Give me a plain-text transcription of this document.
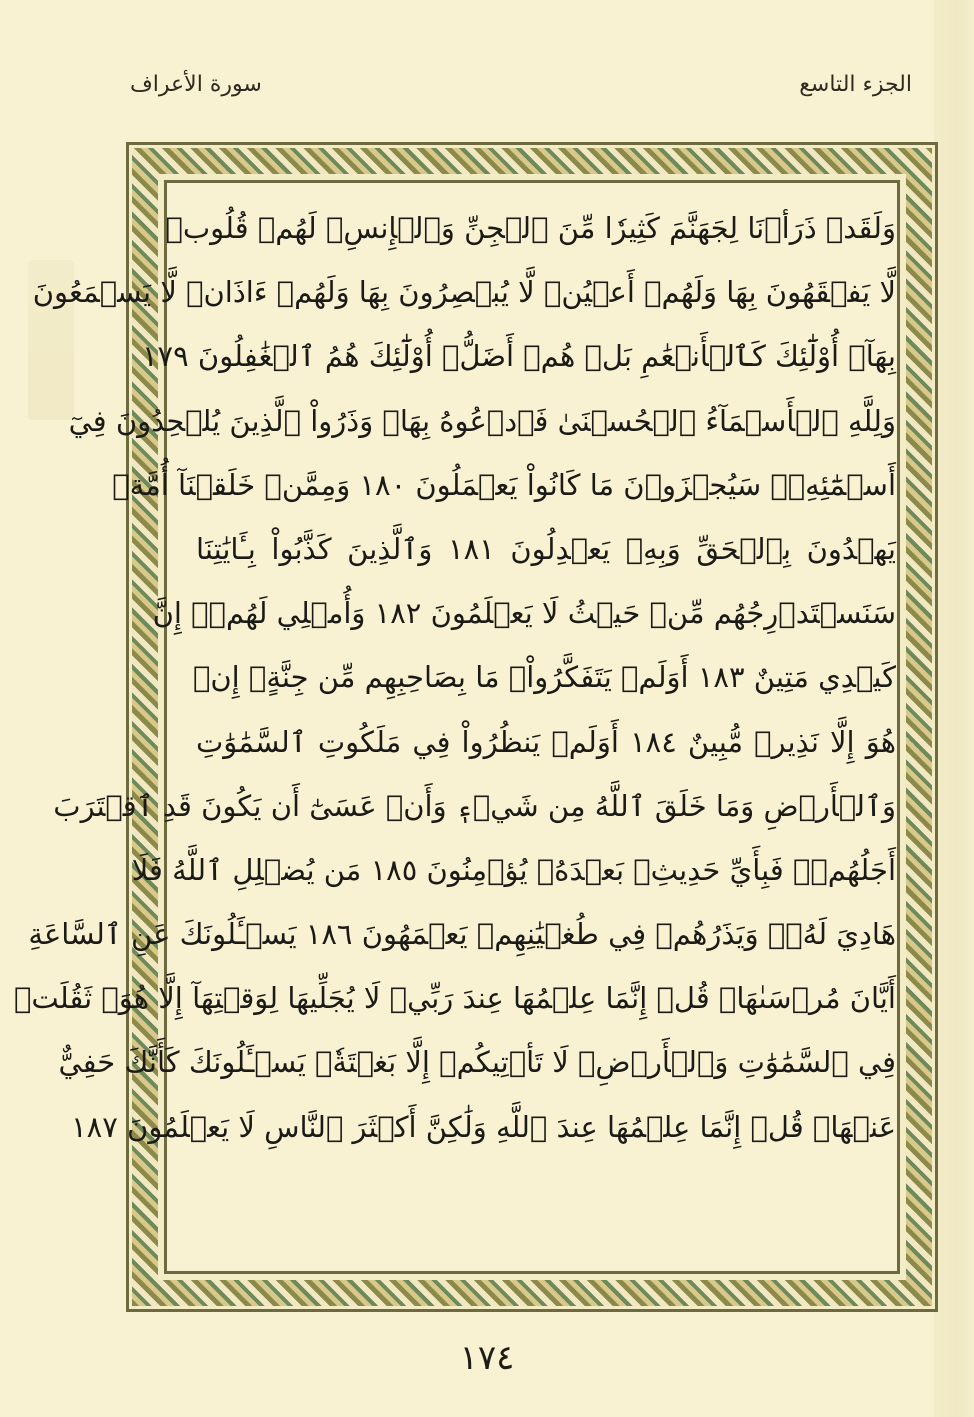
الجزء التاسع
سورة الأعراف
وَلَقَدۡ ذَرَأۡنَا لِجَهَنَّمَ كَثِيرٗا مِّنَ ٱلۡجِنِّ وَٱلۡإِنسِۖ لَهُمۡ قُلُوبٞ
لَّا يَفۡقَهُونَ بِهَا وَلَهُمۡ أَعۡيُنٞ لَّا يُبۡصِرُونَ بِهَا وَلَهُمۡ ءَاذَانٞ لَّا يَسۡمَعُونَ
بِهَآۚ أُوْلَٰٓئِكَ كَٱلۡأَنۡعَٰمِ بَلۡ هُمۡ أَضَلُّۚ أُوْلَٰٓئِكَ هُمُ ٱلۡغَٰفِلُونَ ١٧٩
وَلِلَّهِ ٱلۡأَسۡمَآءُ ٱلۡحُسۡنَىٰ فَٱدۡعُوهُ بِهَاۖ وَذَرُواْ ٱلَّذِينَ يُلۡحِدُونَ فِيٓ
أَسۡمَٰٓئِهِۦۚ سَيُجۡزَوۡنَ مَا كَانُواْ يَعۡمَلُونَ ١٨٠ وَمِمَّنۡ خَلَقۡنَآ أُمَّةٞ
يَهۡدُونَ بِٱلۡحَقِّ وَبِهِۦ يَعۡدِلُونَ ١٨١ وَٱلَّذِينَ كَذَّبُواْ بِـَٔايَٰتِنَا
سَنَسۡتَدۡرِجُهُم مِّنۡ حَيۡثُ لَا يَعۡلَمُونَ ١٨٢ وَأُمۡلِي لَهُمۡۚ إِنَّ
كَيۡدِي مَتِينٌ ١٨٣ أَوَلَمۡ يَتَفَكَّرُواْۗ مَا بِصَاحِبِهِم مِّن جِنَّةٍۚ إِنۡ
هُوَ إِلَّا نَذِيرٞ مُّبِينٌ ١٨٤ أَوَلَمۡ يَنظُرُواْ فِي مَلَكُوتِ ٱلسَّمَٰوَٰتِ
وَٱلۡأَرۡضِ وَمَا خَلَقَ ٱللَّهُ مِن شَيۡءٖ وَأَنۡ عَسَىٰٓ أَن يَكُونَ قَدِ ٱقۡتَرَبَ
أَجَلُهُمۡۖ فَبِأَيِّ حَدِيثِۭ بَعۡدَهُۥ يُؤۡمِنُونَ ١٨٥ مَن يُضۡلِلِ ٱللَّهُ فَلَا
هَادِيَ لَهُۥۚ وَيَذَرُهُمۡ فِي طُغۡيَٰنِهِمۡ يَعۡمَهُونَ ١٨٦ يَسۡـَٔلُونَكَ عَنِ ٱلسَّاعَةِ
أَيَّانَ مُرۡسَىٰهَاۖ قُلۡ إِنَّمَا عِلۡمُهَا عِندَ رَبِّيۖ لَا يُجَلِّيهَا لِوَقۡتِهَآ إِلَّا هُوَۚ ثَقُلَتۡ
فِي ٱلسَّمَٰوَٰتِ وَٱلۡأَرۡضِۚ لَا تَأۡتِيكُمۡ إِلَّا بَغۡتَةٗۗ يَسۡـَٔلُونَكَ كَأَنَّكَ حَفِيٌّ
عَنۡهَاۖ قُلۡ إِنَّمَا عِلۡمُهَا عِندَ ٱللَّهِ وَلَٰكِنَّ أَكۡثَرَ ٱلنَّاسِ لَا يَعۡلَمُونَ ١٨٧
١٧٤
